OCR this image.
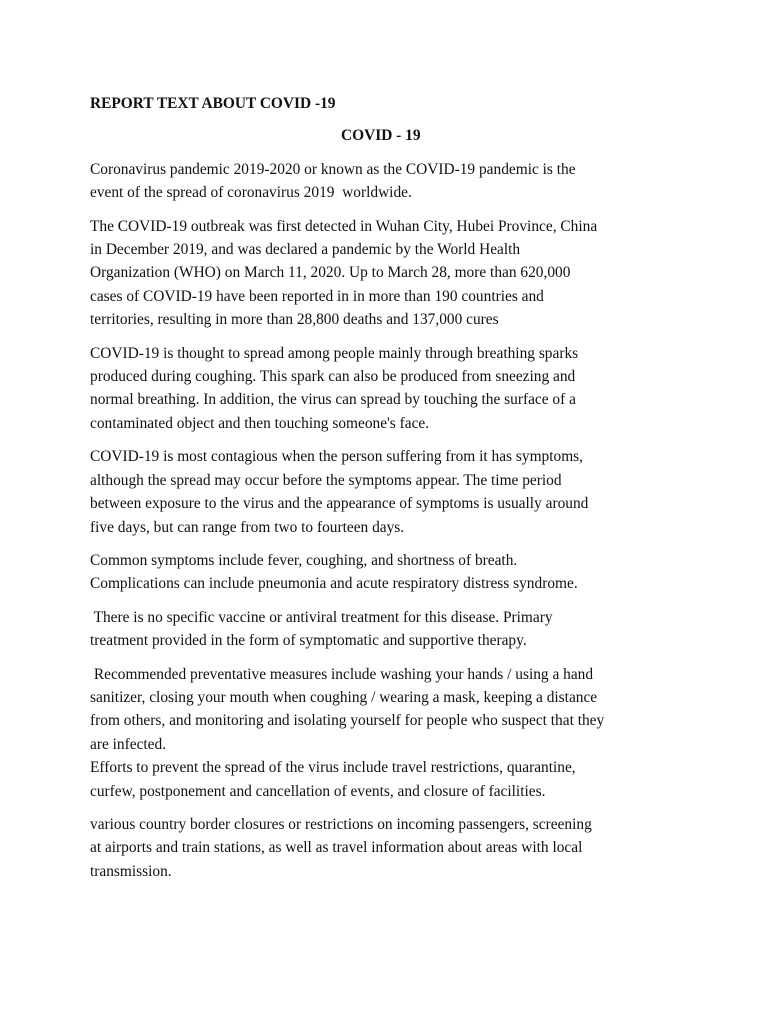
REPORT TEXT ABOUT COVID -19
COVID - 19
Coronavirus pandemic 2019-2020 or known as the COVID-19 pandemic is the
event of the spread of coronavirus 2019  worldwide.
The COVID-19 outbreak was first detected in Wuhan City, Hubei Province, China
in December 2019, and was declared a pandemic by the World Health
Organization (WHO) on March 11, 2020. Up to March 28, more than 620,000
cases of COVID-19 have been reported in in more than 190 countries and
territories, resulting in more than 28,800 deaths and 137,000 cures
COVID-19 is thought to spread among people mainly through breathing sparks
produced during coughing. This spark can also be produced from sneezing and
normal breathing. In addition, the virus can spread by touching the surface of a
contaminated object and then touching someone's face.
COVID-19 is most contagious when the person suffering from it has symptoms,
although the spread may occur before the symptoms appear. The time period
between exposure to the virus and the appearance of symptoms is usually around
five days, but can range from two to fourteen days.
Common symptoms include fever, coughing, and shortness of breath.
Complications can include pneumonia and acute respiratory distress syndrome.
There is no specific vaccine or antiviral treatment for this disease. Primary
treatment provided in the form of symptomatic and supportive therapy.
Recommended preventative measures include washing your hands / using a hand
sanitizer, closing your mouth when coughing / wearing a mask, keeping a distance
from others, and monitoring and isolating yourself for people who suspect that they
are infected.
Efforts to prevent the spread of the virus include travel restrictions, quarantine,
curfew, postponement and cancellation of events, and closure of facilities.
various country border closures or restrictions on incoming passengers, screening
at airports and train stations, as well as travel information about areas with local
transmission.
